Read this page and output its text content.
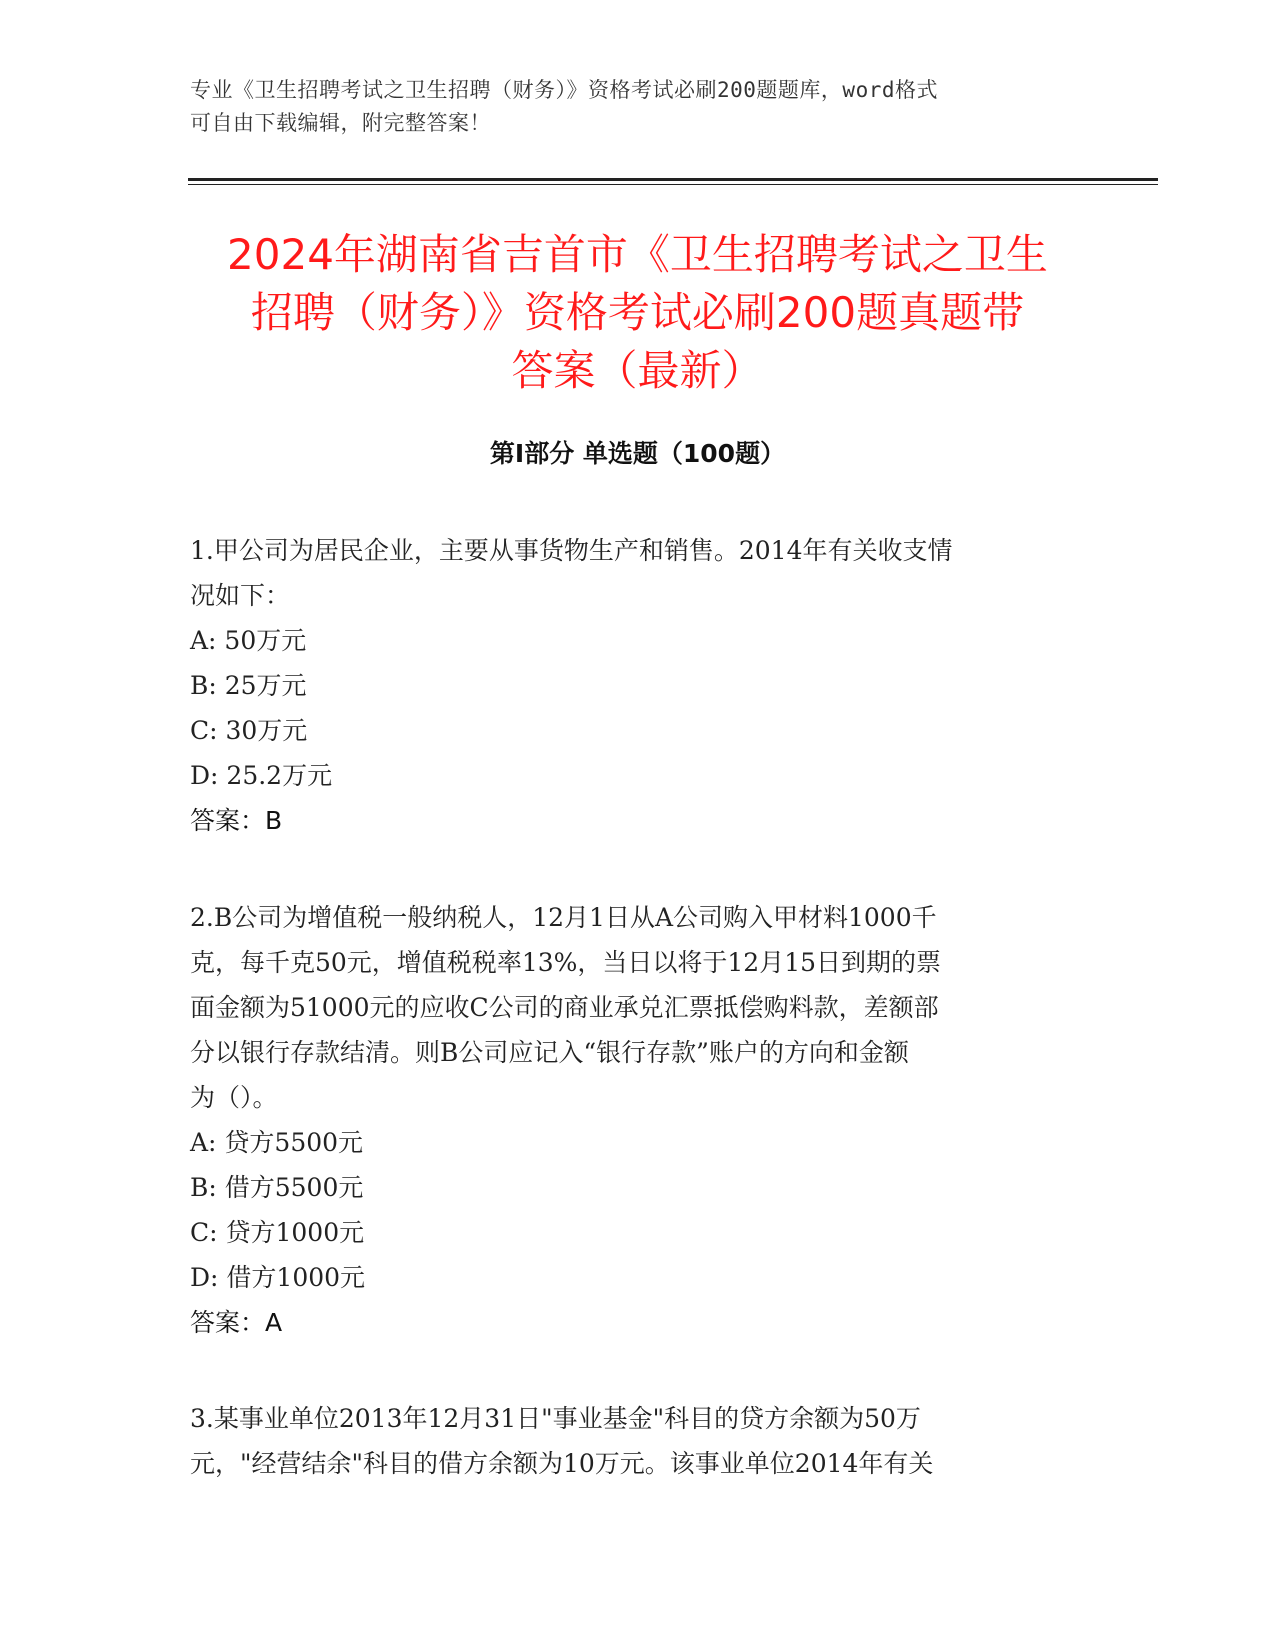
专业《卫生招聘考试之卫生招聘（财务）》资格考试必刷200题题库，word格式
可自由下载编辑，附完整答案！
2024年湖南省吉首市《卫生招聘考试之卫生
招聘（财务）》资格考试必刷200题真题带
答案（最新）
第I部分 单选题（100题）

1.甲公司为居民企业，主要从事货物生产和销售。2014年有关收支情
况如下：

A: 50万元

B: 25万元

C: 30万元

D: 25.2万元

答案：B

2.B公司为增值税一般纳税人，12月1日从A公司购入甲材料1000千
克，每千克50元，增值税税率13%，当日以将于12月15日到期的票
面金额为51000元的应收C公司的商业承兑汇票抵偿购料款，差额部
分以银行存款结清。则B公司应记入“银行存款”账户的方向和金额
为（）。

A: 贷方5500元

B: 借方5500元

C: 贷方1000元

D: 借方1000元

答案：A

3.某事业单位2013年12月31日"事业基金"科目的贷方余额为50万
元，"经营结余"科目的借方余额为10万元。该事业单位2014年有关
